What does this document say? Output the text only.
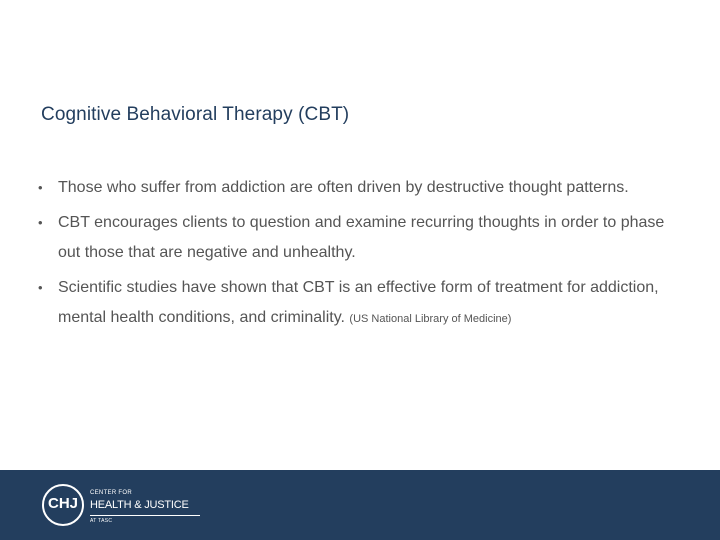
Cognitive Behavioral Therapy (CBT)
• Those who suffer from addiction are often driven by destructive thought patterns.
• CBT encourages clients to question and examine recurring thoughts in order to phase out those that are negative and unhealthy.
• Scientific studies have shown that CBT is an effective form of treatment for addiction, mental health conditions, and criminality. (US National Library of Medicine)
CHJ
CENTER FOR
HEALTH & JUSTICE
AT TASC
